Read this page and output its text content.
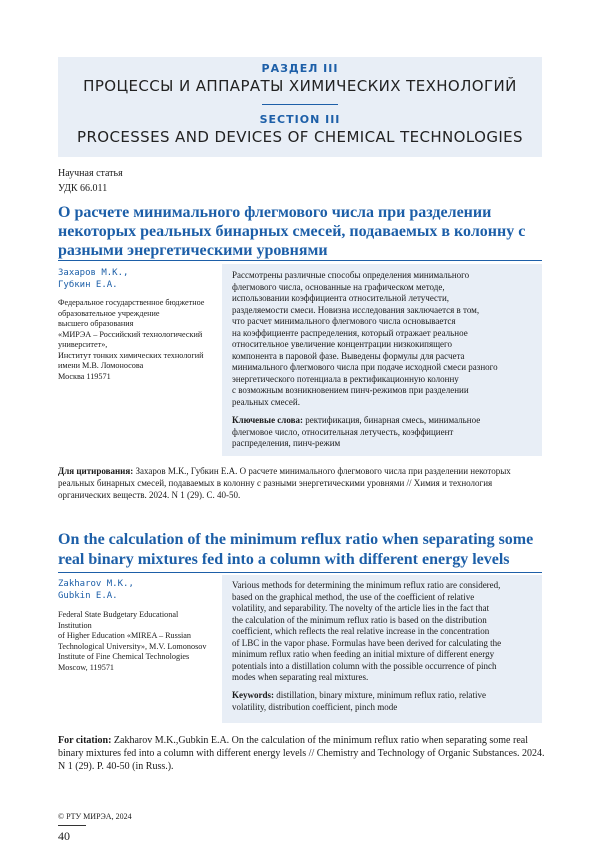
РАЗДЕЛ III
ПРОЦЕССЫ И АППАРАТЫ ХИМИЧЕСКИХ ТЕХНОЛОГИЙ
SECTION III
PROCESSES AND DEVICES OF CHEMICAL TECHNOLOGIES
Научная статья
УДК 66.011
О расчете минимального флегмового числа при разделении некоторых реальных бинарных смесей, подаваемых в колонну с разными энергетическими уровнями
Захаров М.К.,
Губкин Е.А.
Федеральное государственное бюджетное
образовательное учреждение
высшего образования
«МИРЭА – Российский технологический
университет»,
Институт тонких химических технологий
имени М.В. Ломоносова
Москва 119571
Рассмотрены различные способы определения минимального
флегмового числа, основанные на графическом методе,
использовании коэффициента относительной летучести,
разделяемости смеси. Новизна исследования заключается в том,
что расчет минимального флегмового числа основывается
на коэффициенте распределения, который отражает реальное
относительное увеличение концентрации низкокипящего
компонента в паровой фазе. Выведены формулы для расчета
минимального флегмового числа при подаче исходной смеси разного
энергетического потенциала в ректификационную колонну
с возможным возникновением пинч-режимов при разделении
реальных смесей.
Ключевые слова: ректификация, бинарная смесь, минимальное
флегмовое число, относительная летучесть, коэффициент
распределения, пинч-режим
Для цитирования: Захаров М.К., Губкин Е.А. О расчете минимального флегмового числа при разделении некоторых
реальных бинарных смесей, подаваемых в колонну с разными энергетическими уровнями // Химия и технология
органических веществ. 2024. N 1 (29). С. 40-50.
On the calculation of the minimum reflux ratio when separating some real binary mixtures fed into a column with different energy levels
Zakharov M.K.,
Gubkin E.A.
Federal State Budgetary Educational Institution
of Higher Education «MIREA – Russian
Technological University», M.V. Lomonosov
Institute of Fine Chemical Technologies
Moscow, 119571
Various methods for determining the minimum reflux ratio are considered,
based on the graphical method, the use of the coefficient of relative
volatility, and separability. The novelty of the article lies in the fact that
the calculation of the minimum reflux ratio is based on the distribution
coefficient, which reflects the real relative increase in the concentration
of LBC in the vapor phase. Formulas have been derived for calculating the
minimum reflux ratio when feeding an initial mixture of different energy
potentials into a distillation column with the possible occurrence of pinch
modes when separating real mixtures.
Keywords: distillation, binary mixture, minimum reflux ratio, relative
volatility, distribution coefficient, pinch mode
For citation: Zakharov M.K.,Gubkin E.A. On the calculation of the minimum reflux ratio when separating some real
binary mixtures fed into a column with different energy levels // Chemistry and Technology of Organic Substances. 2024.
N 1 (29). P. 40-50 (in Russ.).
© РТУ МИРЭА, 2024
40
